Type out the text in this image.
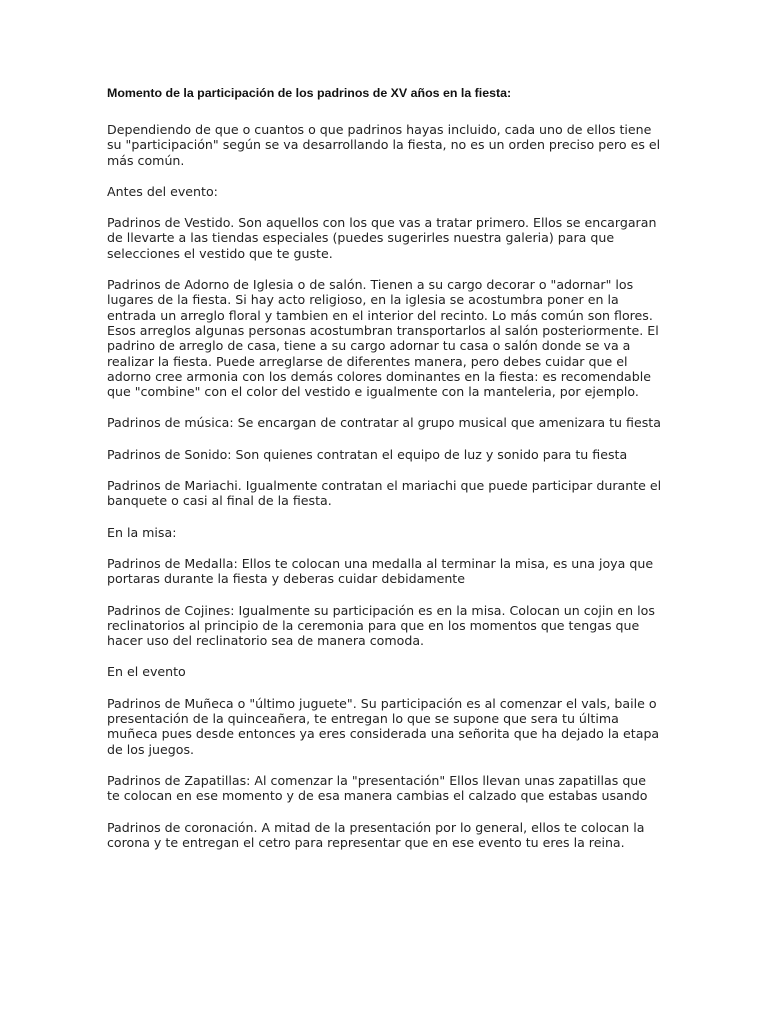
Momento de la participación de los padrinos de XV años en la fiesta:
Dependiendo de que o cuantos o que padrinos hayas incluido, cada uno de ellos tiene su "participación" según se va desarrollando la fiesta, no es un orden preciso pero es el más común.
Antes del evento:
Padrinos de Vestido. Son aquellos con los que vas a tratar primero. Ellos se encargaran de llevarte a las tiendas especiales (puedes sugerirles nuestra galeria) para que selecciones el vestido que te guste.
Padrinos de Adorno de Iglesia o de salón. Tienen a su cargo decorar o "adornar" los lugares de la fiesta. Si hay acto religioso, en la iglesia se acostumbra poner en la entrada un arreglo floral y tambien en el interior del recinto. Lo más común son flores. Esos arreglos algunas personas acostumbran transportarlos al salón posteriormente. El padrino de arreglo de casa, tiene a su cargo adornar tu casa o salón donde se va a realizar la fiesta. Puede arreglarse de diferentes manera, pero debes cuidar que el adorno cree armonia con los demás colores dominantes en la fiesta: es recomendable que "combine" con el color del vestido e igualmente con la manteleria, por ejemplo.
Padrinos de música: Se encargan de contratar al grupo musical que amenizara tu fiesta
Padrinos de Sonido: Son quienes contratan el equipo de luz y sonido para tu fiesta
Padrinos de Mariachi. Igualmente contratan el mariachi que puede participar durante el banquete o casi al final de la fiesta.
En la misa:
Padrinos de Medalla: Ellos te colocan una medalla al terminar la misa, es una joya que portaras durante la fiesta y deberas cuidar debidamente
Padrinos de Cojines: Igualmente su participación es en la misa. Colocan un cojin en los reclinatorios al principio de la ceremonia para que en los momentos que tengas que hacer uso del reclinatorio sea de manera comoda.
En el evento
Padrinos de Muñeca o "último juguete". Su participación es al comenzar el vals, baile o presentación de la quinceañera, te entregan lo que se supone que sera tu última muñeca pues desde entonces ya eres considerada una señorita que ha dejado la etapa de los juegos.
Padrinos de Zapatillas: Al comenzar la "presentación" Ellos llevan unas zapatillas que te colocan en ese momento y de esa manera cambias el calzado que estabas usando
Padrinos de coronación. A mitad de la presentación por lo general, ellos te colocan la corona y te entregan el cetro para representar que en ese evento tu eres la reina.
